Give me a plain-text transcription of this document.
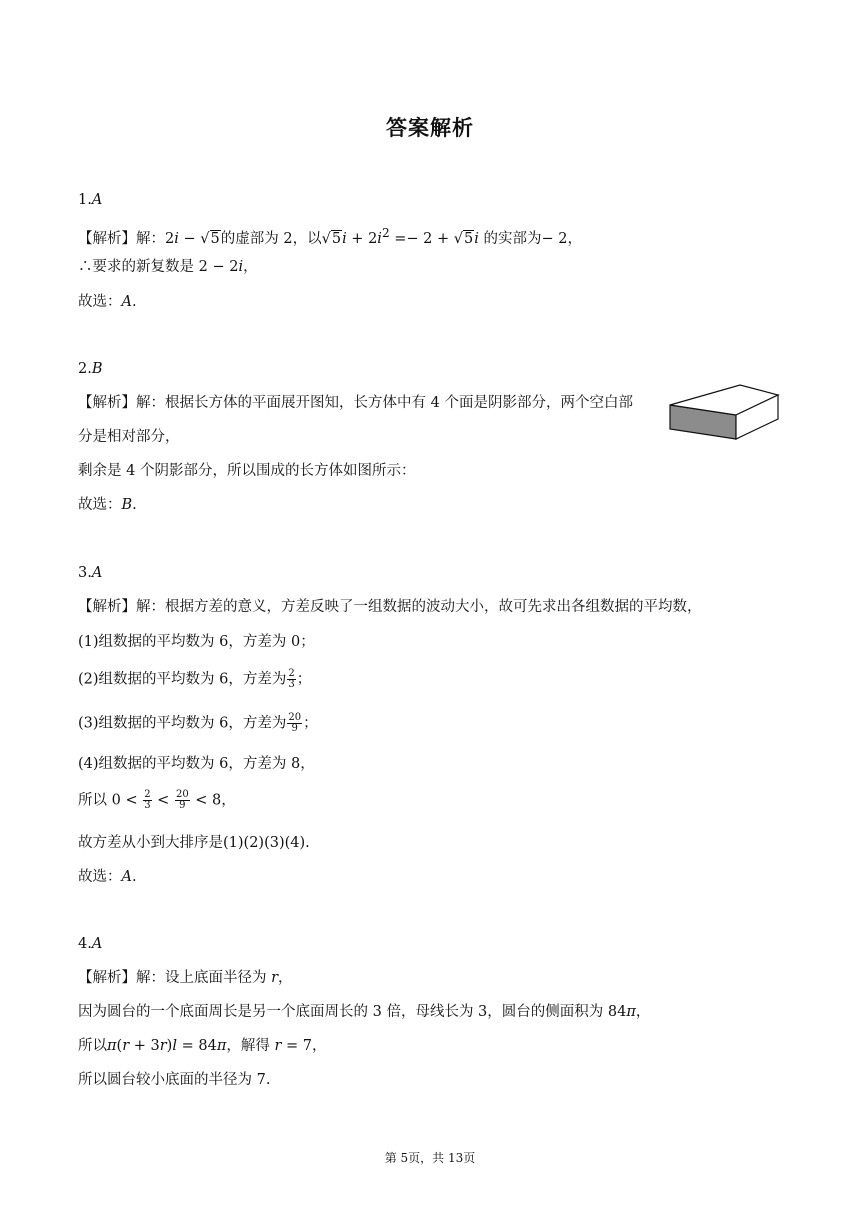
答案解析
1.A
【解析】解：2i − √5的虚部为 2，以$√5i + 2i^2 =- 2 + √5i$ 的实部为− 2，
∴要求的新复数是 2 − 2i，
故选：A.
2.B
【解析】解：根据长方体的平面展开图知，长方体中有 4 个面是阴影部分，两个空白部
分是相对部分，
剩余是 4 个阴影部分，所以围成的长方体如图所示：
故选：B.
3.A
【解析】解：根据方差的意义，方差反映了一组数据的波动大小，故可先求出各组数据的平均数，
(1)组数据的平均数为 6，方差为 0；
(2)组数据的平均数为 6，方差为 $\frac{2}{3}$ ；
(3)组数据的平均数为 6，方差为 $\frac{20}{9}$ ；
(4)组数据的平均数为 6，方差为 8，
所以 $0 < \frac{2}{3} < \frac{20}{9} < 8$，
故方差从小到大排序是(1)(2)(3)(4).
故选：A.
4.A
【解析】解：设上底面半径为 r，
因为圆台的一个底面周长是另一个底面周长的 3 倍，母线长为 3，圆台的侧面积为 84π，
所以π(r + 3r)l = 84π，解得 r = 7，
所以圆台较小底面的半径为 7.
第 5页，共 13页
